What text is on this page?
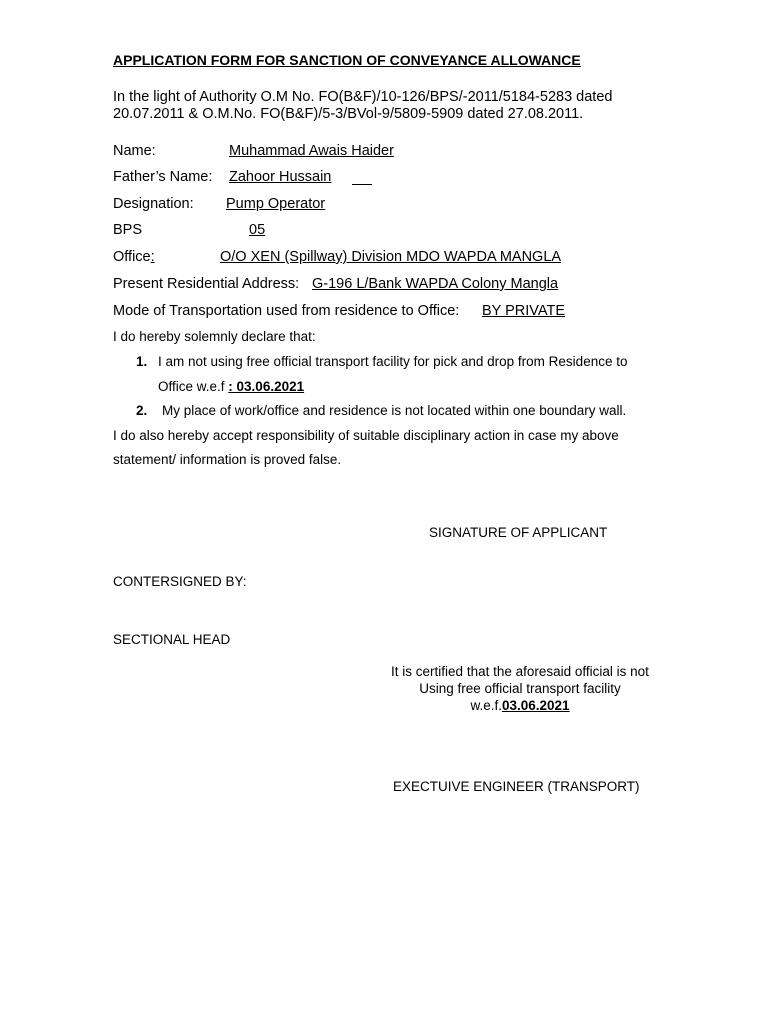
APPLICATION FORM FOR SANCTION OF CONVEYANCE ALLOWANCE
In the light of Authority O.M No. FO(B&F)/10-126/BPS/-2011/5184-5283 dated
20.07.2011 & O.M.No. FO(B&F)/5-3/BVol-9/5809-5909 dated 27.08.2011.
Name:	Muhammad Awais Haider
Father’s Name: Zahoor Hussain
Designation: Pump Operator
BPS	05
Office:	O/O XEN (Spillway) Division MDO WAPDA MANGLA
Present Residential Address: G-196 L/Bank WAPDA Colony Mangla
Mode of Transportation used from residence to Office: BY PRIVATE
I do hereby solemnly declare that:
1. I am not using free official transport facility for pick and drop from Residence to
Office w.e.f : 03.06.2021
2. My place of work/office and residence is not located within one boundary wall.
I do also hereby accept responsibility of suitable disciplinary action in case my above
statement/ information is proved false.
SIGNATURE OF APPLICANT
CONTERSIGNED BY:
SECTIONAL HEAD
It is certified that the aforesaid official is not
Using free official transport facility
w.e.f.03.06.2021
EXECTUIVE ENGINEER (TRANSPORT)
